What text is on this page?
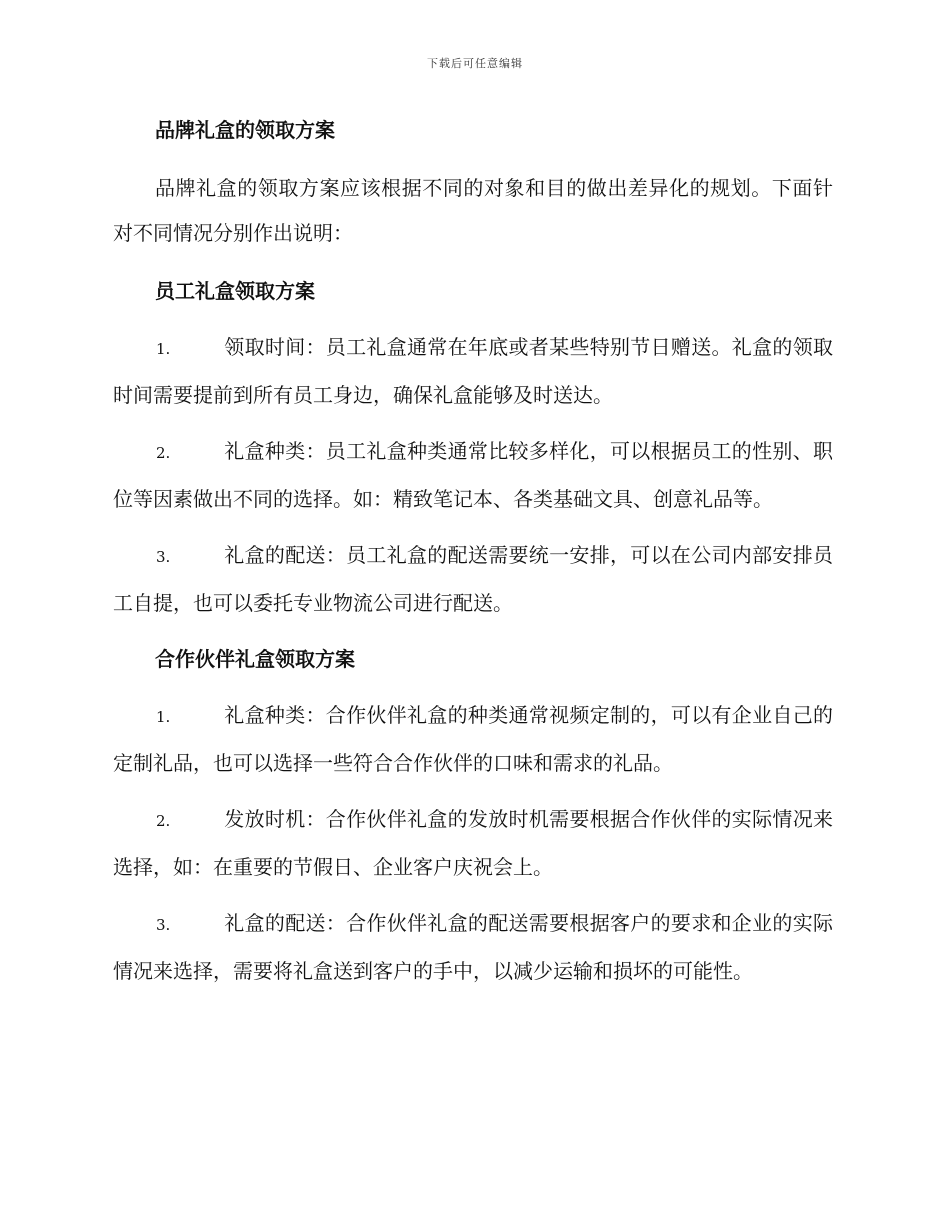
下载后可任意编辑

品牌礼盒的领取方案

品牌礼盒的领取方案应该根据不同的对象和目的做出差异化的规划。下面针对不同情况分别作出说明：

员工礼盒领取方案

1.	领取时间：员工礼盒通常在年底或者某些特别节日赠送。礼盒的领取时间需要提前到所有员工身边，确保礼盒能够及时送达。

2.	礼盒种类：员工礼盒种类通常比较多样化，可以根据员工的性别、职位等因素做出不同的选择。如：精致笔记本、各类基础文具、创意礼品等。

3.	礼盒的配送：员工礼盒的配送需要统一安排，可以在公司内部安排员工自提，也可以委托专业物流公司进行配送。

合作伙伴礼盒领取方案

1.	礼盒种类：合作伙伴礼盒的种类通常视频定制的，可以有企业自己的定制礼品，也可以选择一些符合合作伙伴的口味和需求的礼品。

2.	发放时机：合作伙伴礼盒的发放时机需要根据合作伙伴的实际情况来选择，如：在重要的节假日、企业客户庆祝会上。

3.	礼盒的配送：合作伙伴礼盒的配送需要根据客户的要求和企业的实际情况来选择，需要将礼盒送到客户的手中，以减少运输和损坏的可能性。
